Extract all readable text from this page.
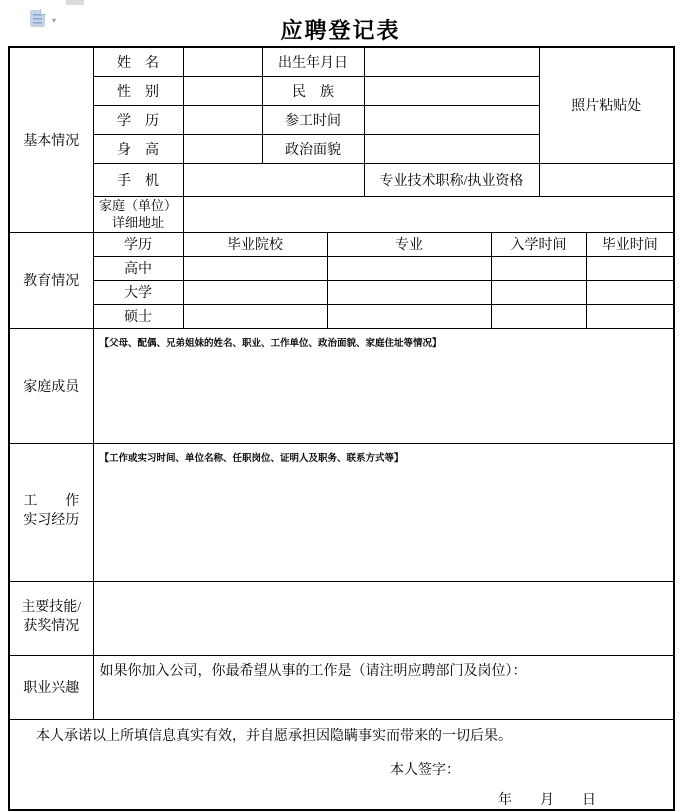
▾	应聘登记表
基本情况	姓　名		出生年月日				照片粘贴处	
	性　别		民　族					
	学　历		参工时间					
	身　高		政治面貌					
	手　机				专业技术职称/执业资格			

	家庭（单位）
详细地址							

教育情况	学历	毕业院校		专业		入学时间		毕业时间
	高中							
	大学							
	硕士							
家庭成员	【父母、配偶、兄弟姐妹的姓名、职业、工作单位、政治面貌、家庭住址等情况】							

工　　作
实习经历	【工作或实习时间、单位名称、任职岗位、证明人及职务、联系方式等】							

主要技能/
获奖情况								

职业兴趣	如果你加入公司，你最希望从事的工作是（请注明应聘部门及岗位）：							

本人承诺以上所填信息真实有效，并自愿承担因隐瞒事实而带来的一切后果。
本人签字：
年　　月　　日								
